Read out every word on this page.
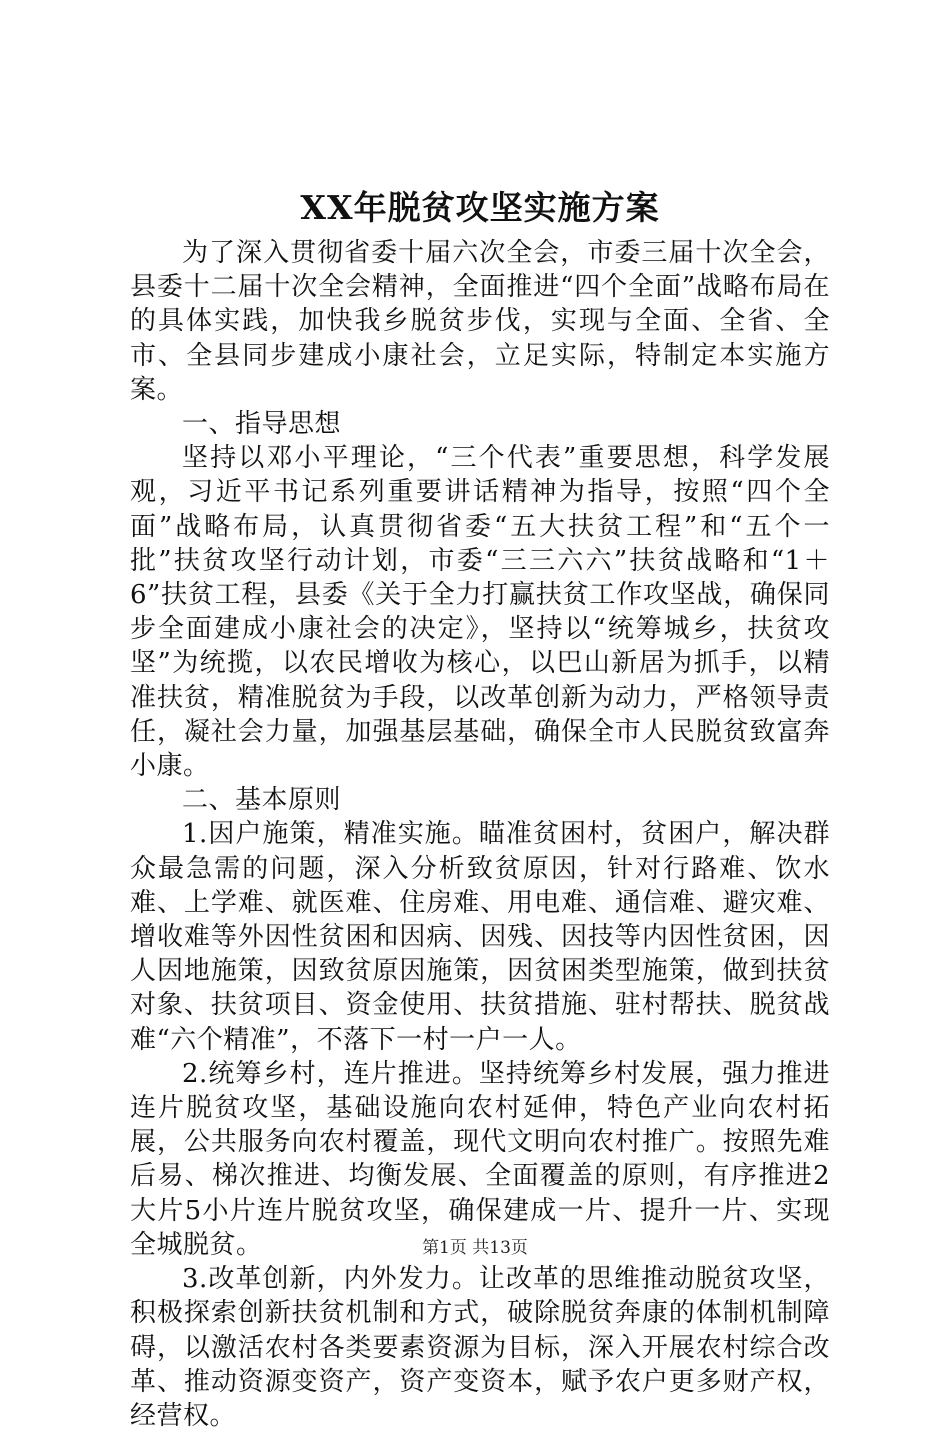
XX年脱贫攻坚实施方案

为了深入贯彻省委十届六次全会，市委三届十次全会，县委十二届十次全会精神，全面推进“四个全面”战略布局在的具体实践，加快我乡脱贫步伐，实现与全面、全省、全市、全县同步建成小康社会，立足实际，特制定本实施方案。

一、指导思想

坚持以邓小平理论，“三个代表”重要思想，科学发展观，习近平书记系列重要讲话精神为指导，按照“四个全面”战略布局，认真贯彻省委“五大扶贫工程”和“五个一批”扶贫攻坚行动计划，市委“三三六六”扶贫战略和“1＋6”扶贫工程，县委《关于全力打赢扶贫工作攻坚战，确保同步全面建成小康社会的决定》，坚持以“统筹城乡，扶贫攻坚”为统揽，以农民增收为核心，以巴山新居为抓手，以精准扶贫，精准脱贫为手段，以改革创新为动力，严格领导责任，凝社会力量，加强基层基础，确保全市人民脱贫致富奔小康。

二、基本原则

1.因户施策，精准实施。瞄准贫困村，贫困户，解决群众最急需的问题，深入分析致贫原因，针对行路难、饮水难、上学难、就医难、住房难、用电难、通信难、避灾难、增收难等外因性贫困和因病、因残、因技等内因性贫困，因人因地施策，因致贫原因施策，因贫困类型施策，做到扶贫对象、扶贫项目、资金使用、扶贫措施、驻村帮扶、脱贫战难“六个精准”，不落下一村一户一人。

2.统筹乡村，连片推进。坚持统筹乡村发展，强力推进连片脱贫攻坚，基础设施向农村延伸，特色产业向农村拓展，公共服务向农村覆盖，现代文明向农村推广。按照先难后易、梯次推进、均衡发展、全面覆盖的原则，有序推进2大片5小片连片脱贫攻坚，确保建成一片、提升一片、实现全城脱贫。

3.改革创新，内外发力。让改革的思维推动脱贫攻坚，积极探索创新扶贫机制和方式，破除脱贫奔康的体制机制障碍，以激活农村各类要素资源为目标，深入开展农村综合改革、推动资源变资产，资产变资本，赋予农户更多财产权，经营权。

第1页 共13页
